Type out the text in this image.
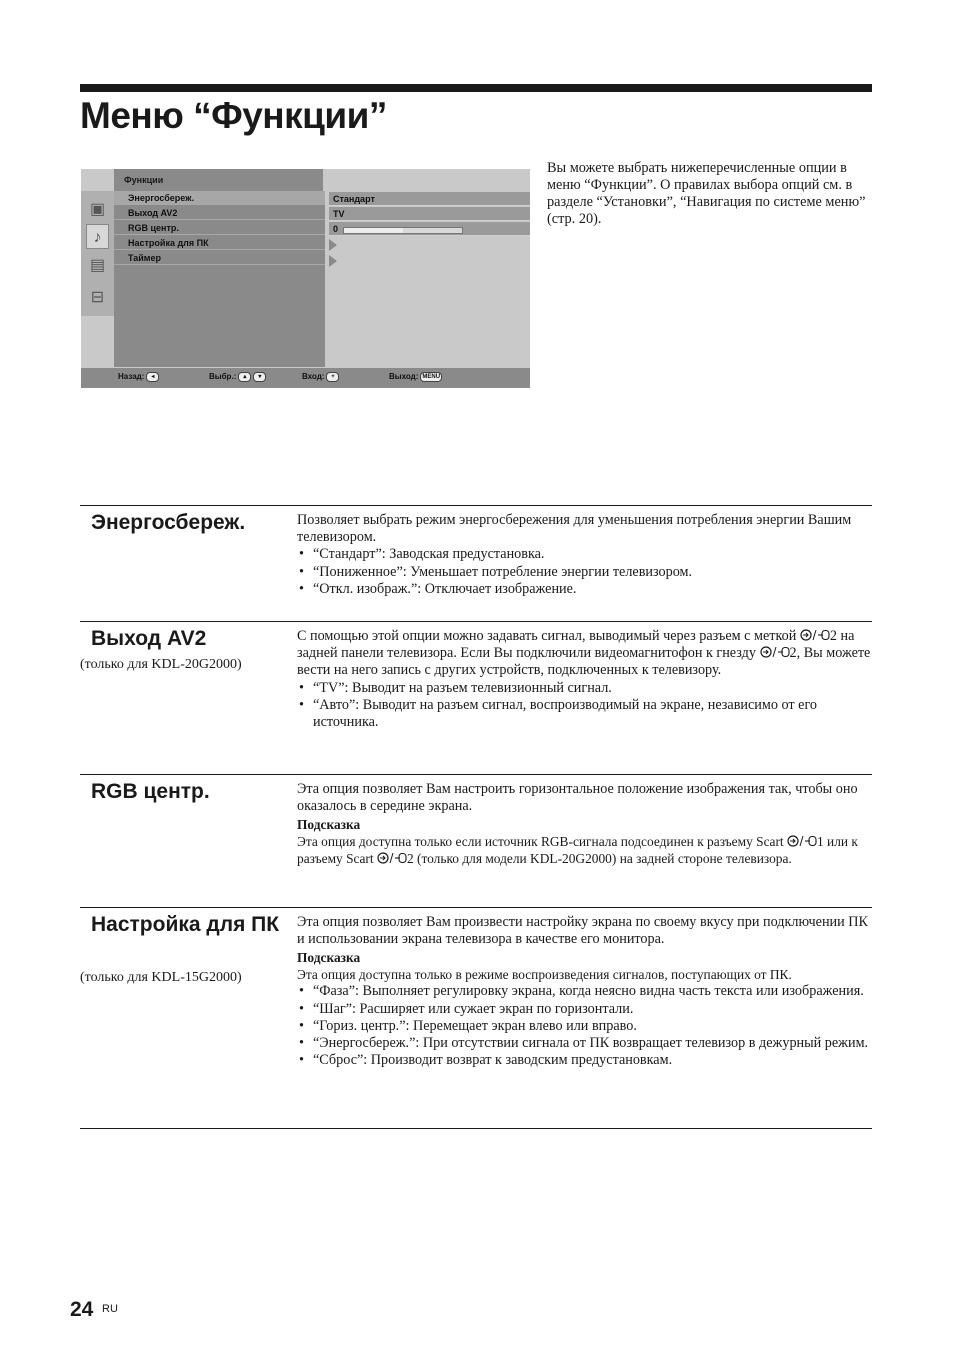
Меню “Функции”
Функции
▣
♪
▤
⊟
Энергосбереж.
Выход AV2
RGB центр.
Настройка для ПК
Таймер
Стандарт
TV
0
Назад: ◂	Выбр.: ▴ ▾	Вход: +	Выход: MENU

Вы можете выбрать нижеперечисленные опции в меню “Функции”. О правилах выбора опций см. в разделе “Установки”, “Навигация по системе меню” (стр. 20).

Энергосбереж.	Позволяет выбрать режим энергосбережения для уменьшения потребления энергии Вашим телевизором.

• “Стандарт”: Заводская предустановка.
• “Пониженное”: Уменьшает потребление энергии телевизором.
• “Откл. изображ.”: Отключает изображение.
Выход AV2
(только для KDL-20G2000)

С помощью этой опции можно задавать сигнал, выводимый через разъем с меткой 2 на задней панели телевизора. Если Вы подключили видеомагнитофон к гнезду 2, Вы можете вести на него запись с других устройств, подключенных к телевизору.

• “TV”: Выводит на разъем телевизионный сигнал.
• “Авто”: Выводит на разъем сигнал, воспроизводимый на экране, независимо от его источника.
RGB центр.	Эта опция позволяет Вам настроить горизонтальное положение изображения так, чтобы оно оказалось в середине экрана.

Подсказка

Эта опция доступна только если источник RGB-сигнала подсоединен к разъему Scart 1 или к разъему Scart 2 (только для модели KDL-20G2000) на задней стороне телевизора.

Настройка для ПК
(только для KDL-15G2000)

Эта опция позволяет Вам произвести настройку экрана по своему вкусу при подключении ПК и использовании экрана телевизора в качестве его монитора.

Подсказка

Эта опция доступна только в режиме воспроизведения сигналов, поступающих от ПК.

• “Фаза”: Выполняет регулировку экрана, когда неясно видна часть текста или изображения.
• “Шаг”: Расширяет или сужает экран по горизонтали.
• “Гориз. центр.”: Перемещает экран влево или вправо.
• “Энергосбереж.”: При отсутствии сигнала от ПК возвращает телевизор в дежурный режим.
• “Сброс”: Производит возврат к заводским предустановкам.
24 RU
